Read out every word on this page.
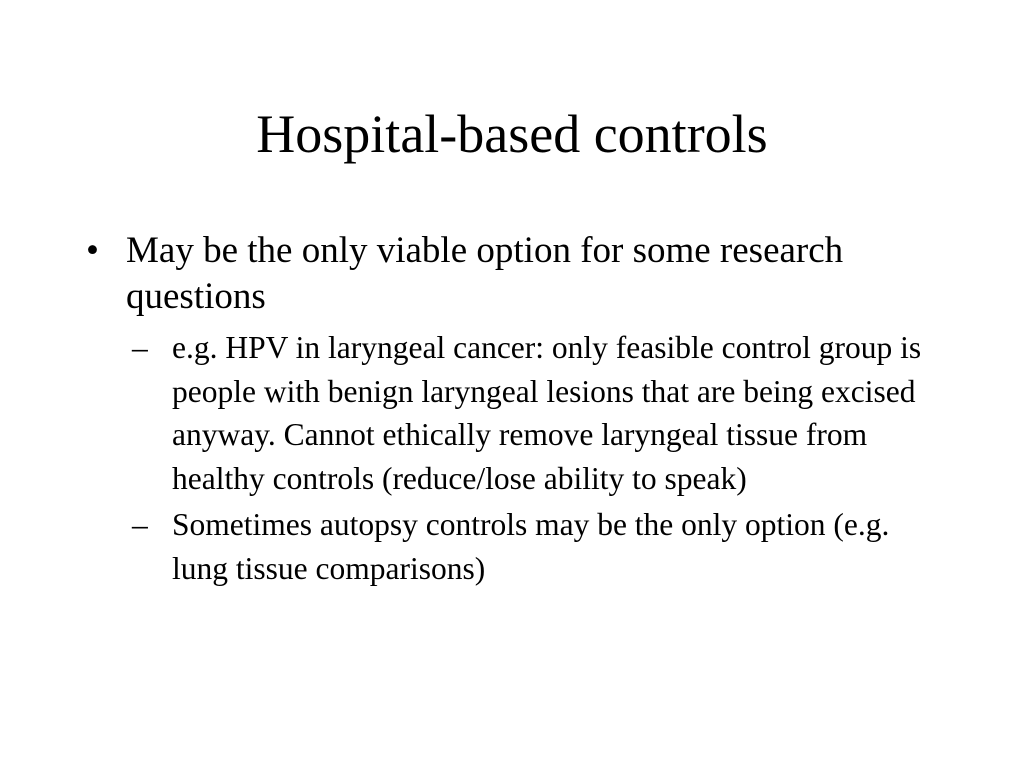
Hospital-based controls
• May be the only viable option for some research questions
– e.g. HPV in laryngeal cancer: only feasible control group is people with benign laryngeal lesions that are being excised anyway. Cannot ethically remove laryngeal tissue from healthy controls (reduce/lose ability to speak)
– Sometimes autopsy controls may be the only option (e.g. lung tissue comparisons)
